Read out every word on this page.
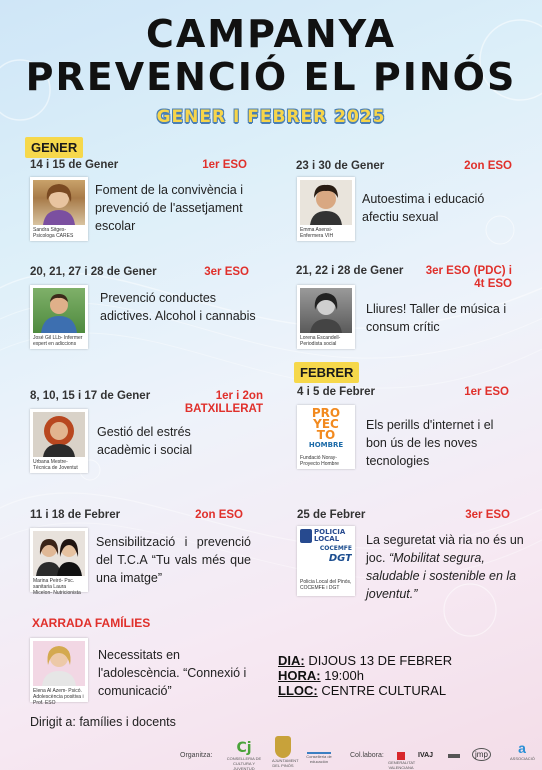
CAMPANYA
PREVENCIÓ EL PINÓS
GENER I FEBRER 2025
GENER
14 i 15 de Gener	1er ESO
Sandra Sitges- Psicologa CARES
Foment de la convivència i prevenció de l'assetjament escolar
23 i 30 de Gener	2on ESO
Emma Asensi- Enfermera VIH
Autoestima i educació afectiu sexual
20, 21, 27 i 28 de Gener	3er ESO
José Gil LLb- Infermer expert en adiccions
Prevenció conductes adictives. Alcohol i cannabis
21, 22 i 28 de Gener	3er ESO (PDC) i 4t ESO
Lorena Escandell- Periodista social
Lliures! Taller de música i consum crític
8, 10, 15 i 17 de Gener	1er i 2on BATXILLERAT
Urbana Mestre- Tècnica de Joventut
Gestió del estrés acadèmic i social
FEBRER
4 i 5 de Febrer	1er ESO
PRO
YEC
TO
HOMBRE
Fundació Noray- Proyecto Hombre
Els perills d'internet i el bon ús de les noves tecnologies
11 i 18 de Febrer	2on ESO
Marina Peiró- Psc. sanitaria Laura Micelon- Nutricionista
Sensibilització i prevenció del T.C.A “Tu vals més que una imatge”
25 de Febrer	3er ESO
POLICIA LOCAL
COCEMFE
DGT
Policia Local del Pinós, COCEMFE i DGT
La seguretat vià ria no és un joc. “Mobilitat segura, saludable i sostenible en la joventut.”
XARRADA FAMÍLIES
Elena Al Azem- Psicó. Adolescència positiva i Prof. ESO
Necessitats en l'adolescència. “Connexió i comunicació”
DIA: DIJOUS 13 DE FEBRER
HORA: 19:00h
LLOC: CENTRE CULTURAL
Dirigit a: famílies i docents
Organitza:	Cj
CONSELLERIA DE CULTURA Y JUVENTUD
AJUNTAMENT DEL PINÓS
Conselleria de educación
Col.labora:
GENERALITAT VALENCIANA
IVAJ	jmp	a
ASSOCIACIÓ
